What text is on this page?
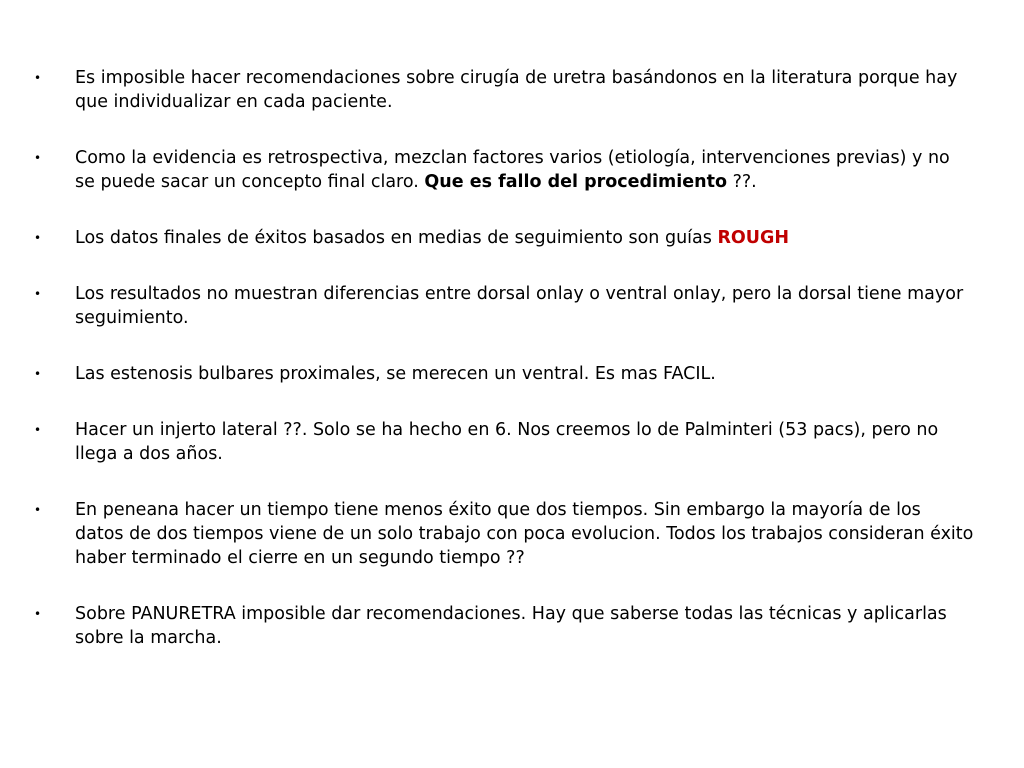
• Es imposible hacer recomendaciones sobre cirugía de uretra basándonos en la literatura porque hay que individualizar en cada paciente.
• Como la evidencia es retrospectiva, mezclan factores varios (etiología, intervenciones previas) y no se puede sacar un concepto final claro. Que es fallo del procedimiento ??.
• Los datos finales de éxitos basados en medias de seguimiento son guías ROUGH
• Los resultados no muestran diferencias entre dorsal onlay o ventral onlay, pero la dorsal tiene mayor seguimiento.
• Las estenosis bulbares proximales, se merecen un ventral. Es mas FACIL.
• Hacer un injerto lateral ??. Solo se ha hecho en 6. Nos creemos lo de Palminteri (53 pacs), pero no llega a dos años.
• En peneana hacer un tiempo tiene menos éxito que dos tiempos. Sin embargo la mayoría de los datos de dos tiempos viene de un solo trabajo con poca evolucion. Todos los trabajos consideran éxito haber terminado el cierre en un segundo tiempo ??
• Sobre PANURETRA imposible dar recomendaciones. Hay que saberse todas las técnicas y aplicarlas sobre la marcha.
